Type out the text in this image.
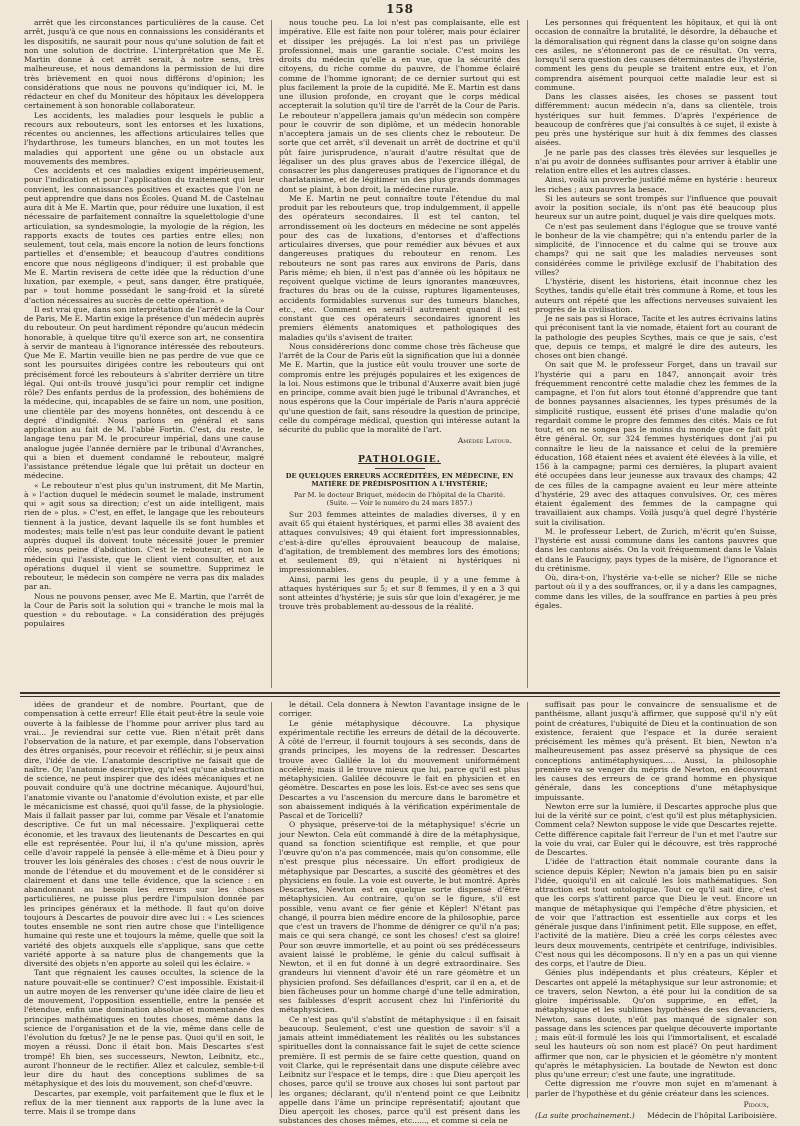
158

arrêt que les circonstances particulières de la cause. Cet arrêt, jusqu'à ce que nous en connaissions les considérants et les dispositifs, ne saurait pour nous qu'une solution de fait et non une solution de doctrine. L'interprétation que Me E. Martin donne à cet arrêt serait, à notre sens, très malheureuse, et nous demandons la permission de lui dire très brièvement en quoi nous différons d'opinion; les considérations que nous ne pouvons qu'indiquer ici, M. le rédacteur en chef du Moniteur des hôpitaux les développera certainement à son honorable collaborateur.

Les accidents, les maladies pour lesquels le public a recours aux rebouteurs, sont les entorses et les luxations, récentes ou anciennes, les affections articulaires telles que l'hydarthrose, les tumeurs blanches, en un mot toutes les maladies qui apportent une gêne ou un obstacle aux mouvements des membres.

Ces accidents et ces maladies exigent impérieusement, pour l'indication et pour l'application du traitement qui leur convient, les connaissances positives et exactes que l'on ne peut apprendre que dans nos Écoles. Quand M. de Castelnau aura dit à Me E. Martin que, pour réduire une luxation, il est nécessaire de parfaitement connaître la squelettologie d'une articulation, sa syndesmologie, la myologie de la région, les rapports exacts de toutes ces parties entre elles; non seulement, tout cela, mais encore la notion de leurs fonctions partielles et d'ensemble; et beaucoup d'autres conditions encore que nous négligeons d'indiquer; il est probable que Me E. Martin revisera de cette idée que la réduction d'une luxation, par exemple, « peut, sans danger, être pratiquée, par » tout homme possédant le sang-froid et la sûreté d'action nécessaires au succès de cette opération. »

Il est vrai que, dans son interprétation de l'arrêt de la Cour de Paris, Me E. Martin exige la présence d'un médecin auprès du rebouteur. On peut hardiment répondre qu'aucun médecin honorable, à quelque titre qu'il exerce son art, ne consentira à servir de manteau à l'ignorance intéressée des rebouteurs. Que Me E. Martin veuille bien ne pas perdre de vue que ce sont les poursuites dirigées contre les rebouteurs qui ont précisément forcé les rebouteurs à s'abriter derrière un titre légal. Qui ont-ils trouvé jusqu'ici pour remplir cet indigne rôle? Des enfants perdus de la profession, des bohémiens de la médecine, qui, incapables de se faire un nom, une position, une clientèle par des moyens honnêtes, ont descendu à ce degré d'indignité. Nous parlons en général et sans application au fait de M. l'abbé Fortin. C'est, du reste, le langage tenu par M. le procureur impérial, dans une cause analogue jugée l'année dernière par le tribunal d'Avranches, qui a bien et duement condamné le rebouteur, malgré l'assistance prétendue légale que lui prêtait un docteur en médecine.

« Le rebouteur n'est plus qu'un instrument, dit Me Martin, à » l'action duquel le médecin soumet le malade, instrument qui » agit sous sa direction; c'est un aide intelligent, mais rien de » plus. » C'est, en effet, le langage que les rebouteurs tiennent à la justice, devant laquelle ils se font humbles et modestes; mais telle n'est pas leur conduite devant le patient auprès duquel ils doivent toute nécessité jouer le premier rôle, sous peine d'abdication. C'est le rebouteur, et non le médecin qui l'assiste, que le client vient consulter, et aux opérations duquel il vient se soumettre. Supprimez le rebouteur, le médecin son compère ne verra pas dix malades par an.

Nous ne pouvons penser, avec Me E. Martin, que l'arrêt de la Cour de Paris soit la solution qui « tranche le mois mal la question » du reboutage. » La considération des préjugés populaires

nous touche peu. La loi n'est pas complaisante, elle est impérative. Elle est faite non pour tolérer, mais pour éclairer et dissiper les préjugés. La loi n'est pas un privilège professionnel, mais une garantie sociale. C'est moins les droits du médecin qu'elle a en vue, que la sécurité des citoyens, du riche comme du pauvre, de l'homme éclairé comme de l'homme ignorant; de ce dernier surtout qui est plus facilement la proie de la cupidité. Me E. Martin est dans une illusion profonde, en croyant que le corps médical accepterait la solution qu'il tire de l'arrêt de la Cour de Paris. Le rebouteur n'appellera jamais qu'un médecin son compère pour le couvrir de son diplôme, et un médecin honorable n'acceptera jamais un de ses clients chez le rebouteur. De sorte que cet arrêt, s'il devenait un arrêt de doctrine et qu'il pût faire jurisprudence, n'aurait d'autre résultat que de légaliser un des plus graves abus de l'exercice illégal, de consacrer les plus dangereuses pratiques de l'ignorance et du charlatanisme, et de légitimer un des plus grands dommages dont se plaint, à bon droit, la médecine rurale.

Me E. Martin ne peut connaître toute l'étendue du mal produit par les rebouteurs que, trop indulgemment, il appelle des opérateurs secondaires. Il est tel canton, tel arrondissement où les docteurs en médecine ne sont appelés pour des cas de luxations, d'entorses et d'affections articulaires diverses, que pour remédier aux bévues et aux dangereuses pratiques du rebouteur en renom. Les rebouteurs ne sont pas rares aux environs de Paris, dans Paris même; eh bien, il n'est pas d'année où les hôpitaux ne reçoivent quelque victime de leurs ignorantes manœuvres, fractures du bras ou de la cuisse, ruptures ligamenteuses, accidents formidables survenus sur des tumeurs blanches, etc., etc. Comment en serait-il autrement quand il est constant que ces opérateurs secondaires ignorent les premiers éléments anatomiques et pathologiques des maladies qu'ils s'avisent de traiter.

Nous considérerions donc comme chose très fâcheuse que l'arrêt de la Cour de Paris eût la signification que lui a donnée Me E. Martin, que la justice eût voulu trouver une sorte de compromis entre les préjugés populaires et les exigences de la loi. Nous estimons que le tribunal d'Auxerre avait bien jugé en principe, comme avait bien jugé le tribunal d'Avranches, et nous espérons que la Cour impériale de Paris n'aura apprécié qu'une question de fait, sans résoudre la question de principe, celle du compérage médical, question qui intéresse autant la sécurité du public que la moralité de l'art.

Amédée Latour.
PATHOLOGIE.
DE QUELQUES ERREURS ACCRÉDITÉES, EN MÉDECINE, EN MATIÈRE DE PRÉDISPOSITION A L'HYSTÉRIE;
Par M. le docteur Briquet, médecin de l'hôpital de la Charité.
(Suite. — Voir le numéro du 24 mars 1857.)

Sur 203 femmes atteintes de maladies diverses, il y en avait 65 qui étaient hystériques, et parmi elles 38 avaient des attaques convulsives; 49 qui étaient fort impressionnables, c'est-à-dire qu'elles éprouvaient beaucoup de malaise, d'agitation, de tremblement des membres lors des émotions; et seulement 89, qui n'étaient ni hystériques ni impressionnables.

Ainsi, parmi les gens du peuple, il y a une femme à attaques hystériques sur 5; et sur 8 femmes, il y en a 3 qui sont atteintes d'hystérie; je suis sûr que loin d'exagérer, je me trouve très probablement au-dessous de la réalité.

Les personnes qui fréquentent les hôpitaux, et qui là ont occasion de connaître la brutalité, le désordre, la débauche et la démoralisation qui règnent dans la classe qu'on soigne dans ces asiles, ne s'étonneront pas de ce résultat. On verra, lorsqu'il sera question des causes déterminantes de l'hystérie, comment les gens du peuple se traitent entre eux, et l'on comprendra aisément pourquoi cette maladie leur est si commune.

Dans les classes aisées, les choses se passent tout différemment: aucun médecin n'a, dans sa clientèle, trois hystériques sur huit femmes. D'après l'expérience de beaucoup de confrères que j'ai consultés à ce sujet, il existe à peu près une hystérique sur huit à dix femmes des classes aisées.

Je ne parle pas des classes très élevées sur lesquelles je n'ai pu avoir de données suffisantes pour arriver à établir une relation entre elles et les autres classes.

Ainsi, voilà un proverbe justifié même en hystérie : heureux les riches ; aux pauvres la besace.

Si les auteurs se sont trompés sur l'influence que pouvait avoir la position sociale, ils n'ont pas été beaucoup plus heureux sur un autre point, duquel je vais dire quelques mots.

Ce n'est pas seulement dans l'églogue que se trouve vanté le bonheur de la vie champêtre; qui n'a entendu parler de la simplicité, de l'innocence et du calme qui se trouve aux champs? qui ne sait que les maladies nerveuses sont considérées comme le privilège exclusif de l'habitation des villes?

L'hystérie, disent les historiens, était inconnue chez les Scythes, tandis qu'elle était très commune à Rome, et tous les auteurs ont répété que les affections nerveuses suivaient les progrès de la civilisation.

Je ne sais pas si Horace, Tacite et les autres écrivains latins qui préconisent tant la vie nomade, étaient fort au courant de la pathologie des peuples Scythes, mais ce que je sais, c'est que, depuis ce temps, et malgré le dire des auteurs, les choses ont bien changé.

On sait que M. le professeur Forget, dans un travail sur l'hystérie qui a paru en 1847, annonçait avoir très fréquemment rencontré cette maladie chez les femmes de la campagne, et l'on fut alors tout étonné d'apprendre que tant de bonnes paysannes alsaciennes, les types présumés de la simplicité rustique, eussent été prises d'une maladie qu'on regardait comme le propre des femmes des cités. Mais ce fut tout, et on ne songea pas le moins du monde que ce fait pût être général. Or, sur 324 femmes hystériques dont j'ai pu connaître le lieu de la naissance et celui de la première éducation, 168 étaient nées et avaient été élevées à la ville, et 156 à la campagne; parmi ces dernières, la plupart avaient été occupées dans leur jeunesse aux travaux des champs; 42 de ces filles de la campagne avaient eu leur mère atteinte d'hystérie, 29 avec des attaques convulsives. Or, ces mères étaient également des femmes de la campagne qui travaillaient aux champs. Voilà jusqu'à quel degré l'hystérie suit la civilisation.

M. le professeur Lebert, de Zurich, m'écrit qu'en Suisse, l'hystérie est aussi commune dans les cantons pauvres que dans les cantons aisés. On la voit fréquemment dans le Valais et dans le Faucigny, pays types de la misère, de l'ignorance et du crétinisme.

Où, dira-t-on, l'hystérie va-t-elle se nicher? Elle se niche partout où il y a des souffrances, or, il y a dans les campagnes, comme dans les villes, de la souffrance en parties à peu près égales.

idées de grandeur et de nombre. Pourtant, que de compensation à cette erreur! Elle était peut-être la seule voie ouverte à la faiblesse de l'homme pour arriver plus tard au vrai... Je reviendrai sur cette vue. Rien n'était prêt dans l'observation de la nature, et par exemple, dans l'observation des êtres organisés, pour recevoir et réfléchir, si je peux ainsi dire, l'idée de vie. L'anatomie descriptive ne faisait que de naître. Or, l'anatomie descriptive, qu'n'est qu'une abstraction de science, ne peut inspirer que des idées mécaniques et ne pouvait conduire qu'à une doctrine mécanique. Aujourd'hui, l'anatomie vivante ou l'anatomie d'évolution existe, et par elle le mécanicisme est chassé, quoi qu'il fasse, de la physiologie. Mais il fallait passer par lui, comme par Vésale et l'anatomie descriptive. Ce fut un mal nécessaire. J'expliquerai cette économie, et les travaux des lieutenants de Descartes en qui elle est représentée. Pour lui, il n'a qu'une mission, après celle d'avoir rappelé la pensée à elle-même et à Dieu pour y trouver les lois générales des choses : c'est de nous ouvrir le monde de l'étendue et du mouvement et de le considérer si clairement et dans une telle évidence, que la science : en abandonnant au besoin les erreurs sur les choses particulières, ne puisse plus perdre l'impulsion donnée par les principes généraux et la méthode. Il faut qu'on doive toujours à Descartes de pouvoir dire avec lui : « Les sciences toutes ensemble ne sont rien autre chose que l'intelligence humaine qui reste une et toujours la même, quelle que soit la variété des objets auxquels elle s'applique, sans que cette variété apporte à sa nature plus de changements que la diversité des objets n'en apporte au soleil qui les éclaire. »

Tant que régnaient les causes occultes, la science de la nature pouvait-elle se continuer? C'est impossible. Existait-il un autre moyen de les renverser qu'une idée claire de lieu et de mouvement, l'opposition essentielle, entre la pensée et l'étendue, enfin une domination absolue et momentanée des principes mathématiques en toutes choses, même dans la science de l'organisation et de la vie, même dans celle de l'évolution du fœtus? Je ne le pense pas. Quoi qu'il en soit, le moyen a réussi. Donc il était bon. Mais Descartes s'est trompé! Eh bien, ses successeurs, Newton, Leibnitz, etc., auront l'honneur de le rectifier. Allez et calculez, semble-t-il leur dire du haut des conceptions sublimes de sa métaphysique et des lois du mouvement, son chef-d'œuvre.

Descartes, par exemple, voit parfaitement que le flux et le reflux de la mer tiennent aux rapports de la lune avec la terre. Mais il se trompe dans

le détail. Cela donnera à Newton l'avantage insigne de le corriger.

Le génie métaphysique découvre. La physique expérimentale rectifie les erreurs de détail de la découverte. À côté de l'erreur, il fournit toujours à ses seconds, dans de grands principes, les moyens de la redresser. Descartes trouve avec Galilée la loi du mouvement uniformément accéléré; mais il le trouve mieux que lui, parce qu'il est plus métaphysicien. Galilée découvre le fait en physicien et en géomètre. Descartes en pose les lois. Est-ce avec ses sens que Descartes a vu l'ascension du mercure dans le baromètre et son abaissement indiqués à la vérification expérimentale de Pascal et de Toricelli?

O physique, préserve-toi de la métaphysique! s'écrie un jour Newton. Cela eût commandé à dire de la métaphysique, quand sa fonction scientifique est remplie, et que pour l'œuvre qu'on n'a pas commencée, mais qu'on consomme, elle n'est presque plus nécessaire. Un effort prodigieux de métaphysique par Descartes, a suscité des géomètres et des physiciens en foule. La voie est ouverte, le but montré. Après Descartes, Newton est en quelque sorte dispensé d'être métaphysicien. Au contraire, qu'on se le figure, s'il est possible, venu avant ce fier génie et Képler! N'étant pas changé, il pourra bien médire encore de la philosophie, parce que c'est un travers de l'homme de dénigrer ce qu'il n'a pas; mais ce qui sera changé, ce sont les choses! c'est sa gloire! Pour son œuvre immortelle, et au point où ses prédécesseurs avaient laissé le problème, le génie du calcul suffisait à Newton, et il en fut donné à un degré extraordinaire. Ses grandeurs lui viennent d'avoir été un rare géomètre et un physicien profond. Ses défaillances d'esprit, car il en a, et de bien fâcheuses pour un homme chargé d'une telle admiration, ses faiblesses d'esprit accusent chez lui l'infériorité du métaphysicien.

Ce n'est pas qu'il s'abstînt de métaphysique : il en faisait beaucoup. Seulement, c'est une question de savoir s'il a jamais atteint immédiatement les réalités ou les substances spirituelles dont la connaissance fait le sujet de cette science première. Il est permis de se faire cette question, quand on voit Clarke, qui le représentait dans une dispute célèbre avec Leibnitz sur l'espace et le temps, dire : que Dieu aperçoit les choses, parce qu'il se trouve aux choses lui sont partout par les organes; déclarant, qu'il n'entend point ce que Leibnitz appelle dans l'âme un principe représentatif; ajoutant que Dieu aperçoit les choses, parce qu'il est présent dans les substances des choses mêmes, etc......, et comme si cela ne

suffisait pas pour le convaincre de sensualisme et de panthéisme, allant jusqu'à affirmer, que supposé qu'il n'y eût point de créatures, l'ubiquité de Dieu et la continuation de son existence, feraient que l'espace et la durée seraient précisément les mêmes qu'à présent. Et bien, Newton n'a malheureusement pas assez préservé sa physique de ces conceptions antimétaphysiques..... Aussi, la philosophie première va se venger du mépris de Newton, en découvrant les causes des erreurs de ce grand homme en physique générale, dans les conceptions d'une métaphysique impuissante.

Newton erre sur la lumière, il Descartes approche plus que lui de la vérité sur ce point, c'est qu'il est plus métaphysicien. Comment cela? Newton suppose le vide que Descartes rejette. Cette différence capitale fait l'erreur de l'un et met l'autre sur la voie du vrai, car Euler qui le découvre, est très rapproché de Descartes.

L'idée de l'attraction était nommale courante dans la science depuis Képler; Newton n'a jamais bien pu en saisir l'idée, quoiqu'il en ait calculé les lois mathématiques. Son attraction est tout ontologique. Tout ce qu'il sait dire, c'est que les corps s'attirent parce que Dieu le veut. Encore un manque de métaphysique qui l'empêche d'être physicien, et de voir que l'attraction est essentielle aux corps et les générale jusque dans l'infiniment petit. Elle suppose, en effet, l'activité de la matière. Dieu a créé les corps célestes avec leurs deux mouvements, centripète et centrifuge, indivisibles. C'est nous qui les décomposons. Il n'y en a pas un qui vienne des corps, et l'autre de Dieu.

Génies plus indépendants et plus créateurs, Képler et Descartes ont appelé la métaphysique sur leur astronomie; et ce travers, selon Newton, a été pour lui la condition de sa gloire impérissable. Qu'on supprime, en effet, la métaphysique et les sublimes hypothèses de ses devanciers, Newton, sans doute, n'eût pas manqué de signaler son passage dans les sciences par quelque découverte importante ; mais eût-il formulé les lois qui l'immortalisent, et escaladé seul les hauteurs où son nom est placé? On peut hardiment affirmer que non, car le physicien et le géomètre n'y montent qu'après le métaphysicien. La boutade de Newton est donc plus qu'une erreur; c'est une faute, une ingratitude.

Cette digression me r'ouvre mon sujet en m'amenant à parler de l'hypothèse et du génie créateur dans les sciences.

Pidoux,
(La suite prochainement.) Médecin de l'hôpital Lariboisière.
